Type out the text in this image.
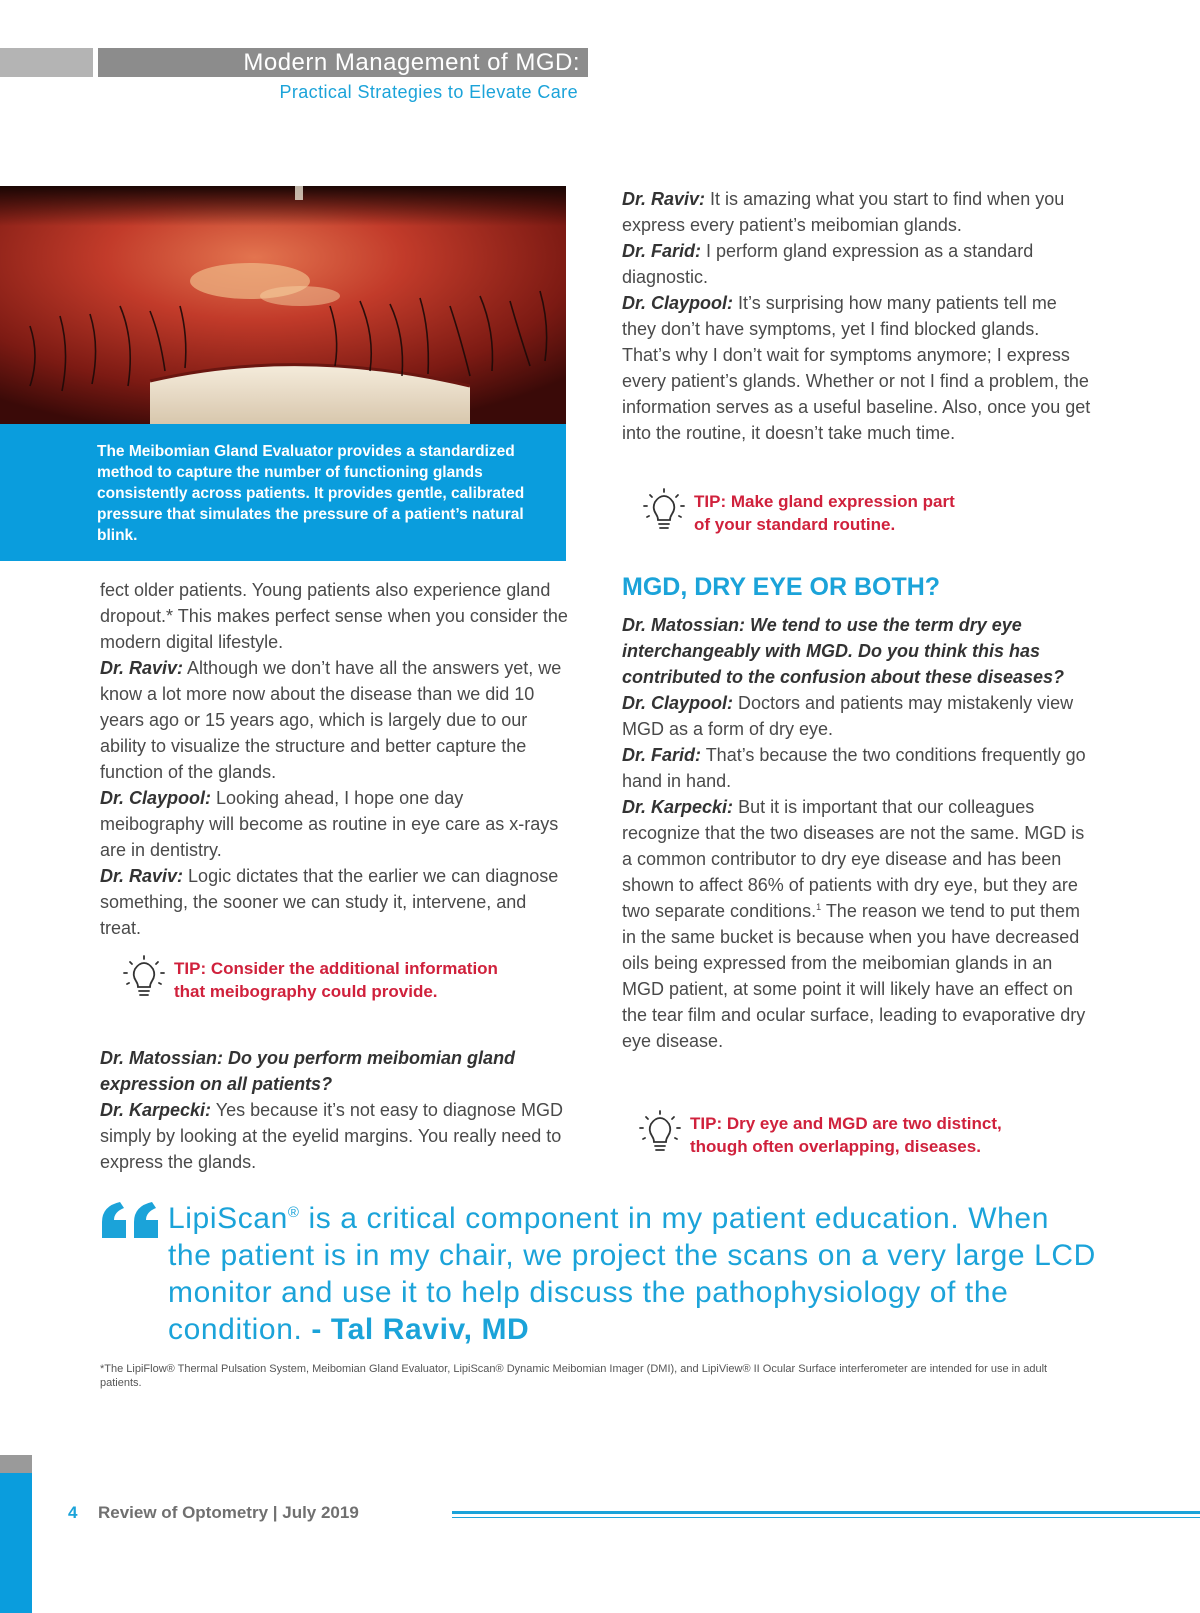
Modern Management of MGD:
Practical Strategies to Elevate Care
The Meibomian Gland Evaluator provides a standardized method to capture the number of functioning glands consistently across patients. It provides gentle, calibrated pressure that simulates the pressure of a patient’s natural blink.

Dr. Raviv: It is amazing what you start to find when you express every patient’s meibomian glands.

Dr. Farid: I perform gland expression as a standard diagnostic.

Dr. Claypool: It’s surprising how many patients tell me they don’t have symptoms, yet I find blocked glands. That’s why I don’t wait for symptoms anymore; I express every patient’s glands. Whether or not I find a problem, the information serves as a useful baseline. Also, once you get into the routine, it doesn’t take much time.

TIP: Make gland expression part
of your standard routine.
MGD, DRY EYE OR BOTH?

Dr. Matossian: We tend to use the term dry eye interchangeably with MGD. Do you think this has contributed to the confusion about these diseases?

Dr. Claypool: Doctors and patients may mistakenly view MGD as a form of dry eye.

Dr. Farid: That’s because the two conditions frequently go hand in hand.

Dr. Karpecki: But it is important that our colleagues recognize that the two diseases are not the same. MGD is a common contributor to dry eye disease and has been shown to affect 86% of patients with dry eye, but they are two separate conditions.$^1$ The reason we tend to put them in the same bucket is because when you have decreased oils being expressed from the meibomian glands in an MGD patient, at some point it will likely have an effect on the tear film and ocular surface, leading to evaporative dry eye disease.

TIP: Dry eye and MGD are two distinct,
though often overlapping, diseases.

fect older patients. Young patients also experience gland dropout.* This makes perfect sense when you consider the modern digital lifestyle.

Dr. Raviv: Although we don’t have all the answers yet, we know a lot more now about the disease than we did 10 years ago or 15 years ago, which is largely due to our ability to visualize the structure and better capture the function of the glands.

Dr. Claypool: Looking ahead, I hope one day meibography will become as routine in eye care as x-rays are in dentistry.

Dr. Raviv: Logic dictates that the earlier we can diagnose something, the sooner we can study it, intervene, and treat.

TIP: Consider the additional information
that meibography could provide.

Dr. Matossian: Do you perform meibomian gland expression on all patients?

Dr. Karpecki: Yes because it’s not easy to diagnose MGD simply by looking at the eyelid margins. You really need to express the glands.

LipiScan® is a critical component in my patient education. When the patient is in my chair, we project the scans on a very large LCD monitor and use it to help discuss the pathophysiology of the condition. - Tal Raviv, MD
*The LipiFlow® Thermal Pulsation System, Meibomian Gland Evaluator, LipiScan® Dynamic Meibomian Imager (DMI), and LipiView® II Ocular Surface interferometer are intended for use in adult patients.
4 Review of Optometry | July 2019
